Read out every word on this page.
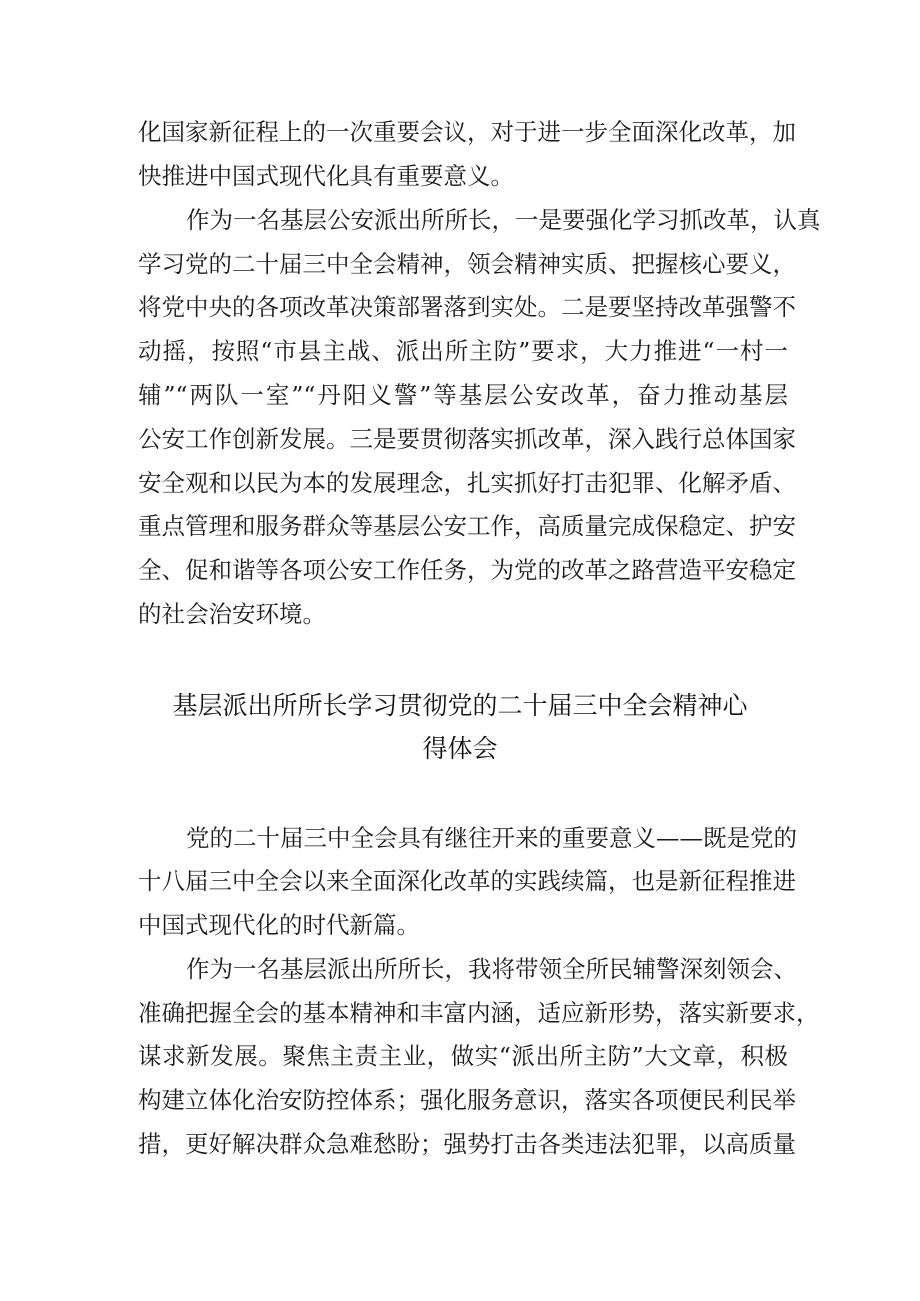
化国家新征程上的一次重要会议，对于进一步全面深化改革，加
快推进中国式现代化具有重要意义。
作为一名基层公安派出所所长，一是要强化学习抓改革，认真
学习党的二十届三中全会精神，领会精神实质、把握核心要义，
将党中央的各项改革决策部署落到实处。二是要坚持改革强警不
动摇，按照“市县主战、派出所主防”要求，大力推进“一村一
辅”“两队一室”“丹阳义警”等基层公安改革，奋力推动基层
公安工作创新发展。三是要贯彻落实抓改革，深入践行总体国家
安全观和以民为本的发展理念，扎实抓好打击犯罪、化解矛盾、
重点管理和服务群众等基层公安工作，高质量完成保稳定、护安
全、促和谐等各项公安工作任务，为党的改革之路营造平安稳定
的社会治安环境。
基层派出所所长学习贯彻党的二十届三中全会精神心
得体会
党的二十届三中全会具有继往开来的重要意义——既是党的
十八届三中全会以来全面深化改革的实践续篇，也是新征程推进
中国式现代化的时代新篇。
作为一名基层派出所所长，我将带领全所民辅警深刻领会、
准确把握全会的基本精神和丰富内涵，适应新形势，落实新要求，
谋求新发展。聚焦主责主业，做实“派出所主防”大文章，积极
构建立体化治安防控体系；强化服务意识，落实各项便民利民举
措，更好解决群众急难愁盼；强势打击各类违法犯罪，以高质量
